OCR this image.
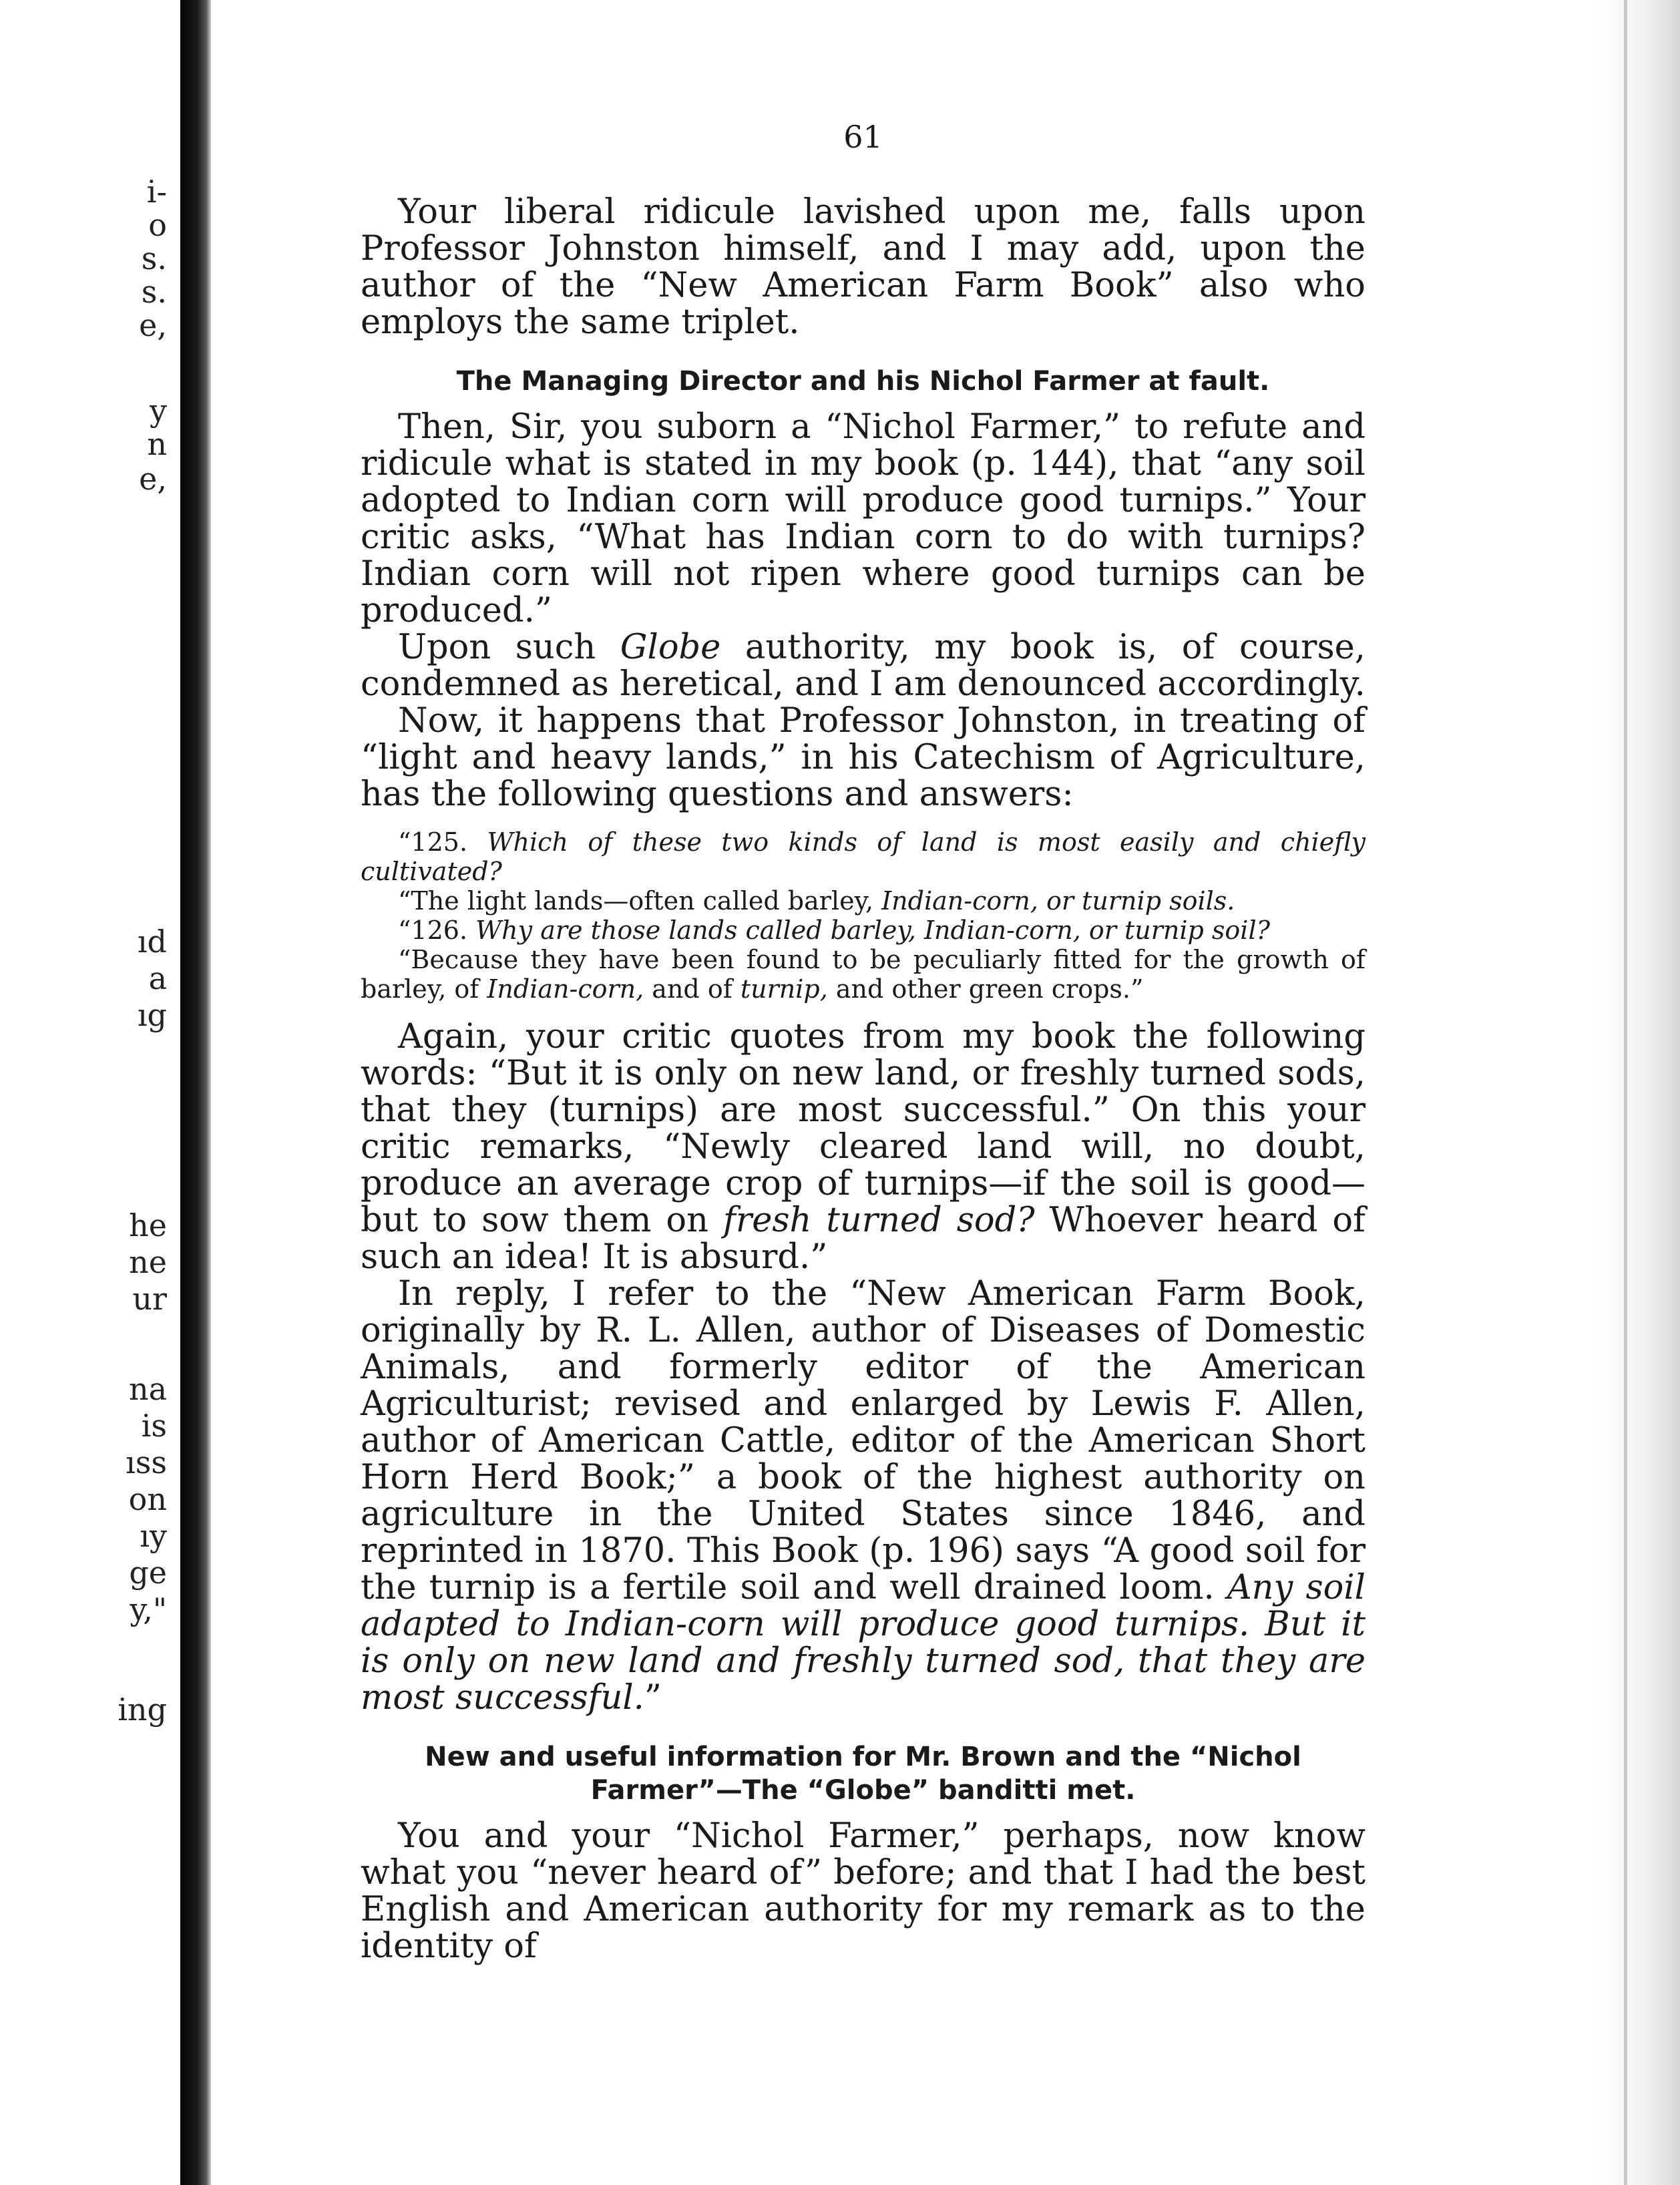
i-
o
s.
s.
e,
y
n
e,
ıd
a
ıg
he
ne
ur
na
is
ıss
on
ıy
ge
y,"
ing
61

Your liberal ridicule lavished upon me, falls upon Professor Johnston himself, and I may add, upon the author of the “New American Farm Book” also who employs the same triplet.

The Managing Director and his Nichol Farmer at fault.

Then, Sir, you suborn a “Nichol Farmer,” to refute and ridicule what is stated in my book (p. 144), that “any soil adopted to Indian corn will produce good turnips.” Your critic asks, “What has Indian corn to do with turnips? Indian corn will not ripen where good turnips can be produced.”

Upon such Globe authority, my book is, of course, condemned as heretical, and I am denounced accordingly.

Now, it happens that Professor Johnston, in treating of “light and heavy lands,” in his Catechism of Agriculture, has the following questions and answers:

“125. Which of these two kinds of land is most easily and chiefly cultivated?

“The light lands—often called barley, Indian-corn, or turnip soils.

“126. Why are those lands called barley, Indian-corn, or turnip soil?

“Because they have been found to be peculiarly fitted for the growth of barley, of Indian-corn, and of turnip, and other green crops.”

Again, your critic quotes from my book the following words: “But it is only on new land, or freshly turned sods, that they (turnips) are most successful.” On this your critic remarks, “Newly cleared land will, no doubt, produce an average crop of turnips—if the soil is good—but to sow them on fresh turned sod? Whoever heard of such an idea! It is absurd.”

In reply, I refer to the “New American Farm Book, originally by R. L. Allen, author of Diseases of Domestic Animals, and formerly editor of the American Agriculturist; revised and enlarged by Lewis F. Allen, author of American Cattle, editor of the American Short Horn Herd Book;” a book of the highest authority on agriculture in the United States since 1846, and reprinted in 1870. This Book (p. 196) says “A good soil for the turnip is a fertile soil and well drained loom. Any soil adapted to Indian-corn will produce good turnips. But it is only on new land and freshly turned sod, that they are most successful.”

New and useful information for Mr. Brown and the “Nichol
Farmer”—The “Globe” banditti met.

You and your “Nichol Farmer,” perhaps, now know what you “never heard of” before; and that I had the best English and American authority for my remark as to the identity of
